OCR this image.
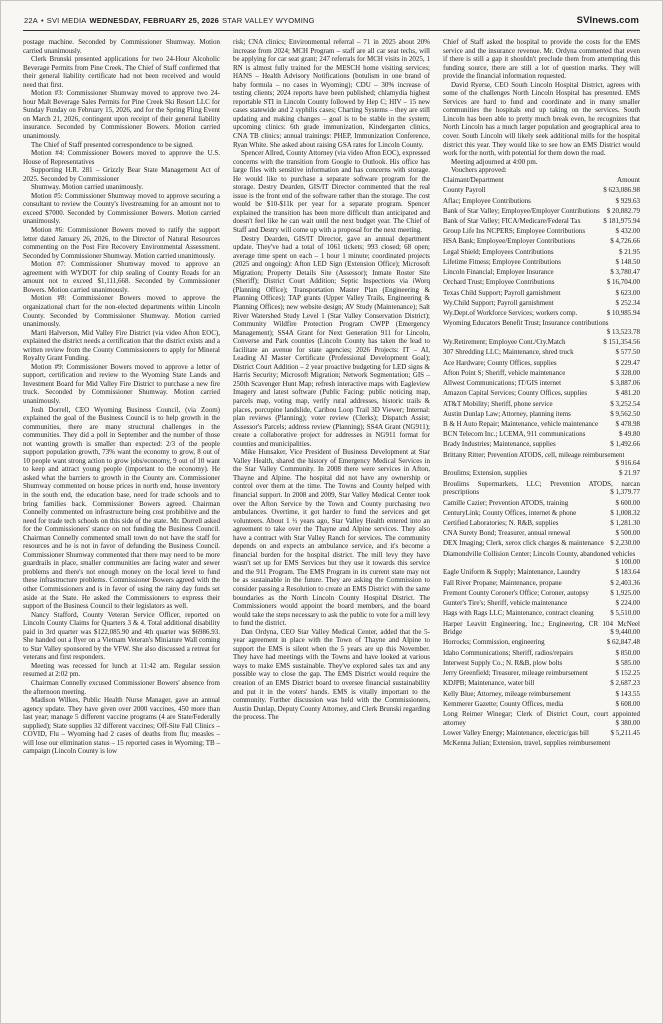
22A • SVI MEDIA WEDNESDAY, FEBRUARY 25, 2026 STAR VALLEY WYOMING	SVInews.com

postage machine. Seconded by Commissioner Shumway. Motion carried unanimously.

Clerk Brunski presented applications for two 24-Hour Alcoholic Beverage Permits from Pine Creek. The Chief of Staff confirmed that their general liability certificate had not been received and would need that first.

Motion #3: Commissioner Shumway moved to approve two 24-hour Malt Beverage Sales Permits for Pine Creek Ski Resort LLC for Sunday Funday on February 15, 2026, and for the Spring Fling Event on March 21, 2026, contingent upon receipt of their general liability insurance. Seconded by Commissioner Bowers. Motion carried unanimously.

The Chief of Staff presented correspondence to be signed.

Motion #4: Commissioner Bowers moved to approve the U.S. House of Representatives

Supporting H.R. 281 – Grizzly Bear State Management Act of 2025. Seconded by Commissioner

Shumway. Motion carried unanimously.

Motion #5: Commissioner Shumway moved to approve securing a consultant to review the County's livestreaming for an amount not to exceed $7000. Seconded by Commissioner Bowers. Motion carried unanimously.

Motion #6: Commissioner Bowers moved to ratify the support letter dated January 26, 2026, to the Director of Natural Resources commenting on the Post Fire Recovery Environmental Assessment. Seconded by Commissioner Shumway. Motion carried unanimously.

Motion #7: Commissioner Shumway moved to approve an agreement with WYDOT for chip sealing of County Roads for an amount not to exceed $1,111,668. Seconded by Commissioner Bowers. Motion carried unanimously.

Motion #8: Commissioner Bowers moved to approve the organizational chart for the non-elected departments within Lincoln County. Seconded by Commissioner Shumway. Motion carried unanimously.

Marti Halverson, Mid Valley Fire District (via video Afton EOC), explained the district needs a certification that the district exists and a written review from the County Commissioners to apply for Mineral Royalty Grant Funding.

Motion #9: Commissioner Bowers moved to approve a letter of support, certification and review to the Wyoming State Lands and Investment Board for Mid Valley Fire District to purchase a new fire truck. Seconded by Commissioner Shumway. Motion carried unanimously.

Josh Dorrell, CEO Wyoming Business Council, (via Zoom) explained the goal of the Business Council is to help growth in the communities, there are many structural challenges in the communities. They did a poll in September and the number of those not wanting growth is smaller than expected: 2/3 of the people support population growth, 73% want the economy to grow, 8 out of 10 people want strong action to grow jobs/economy, 9 out of 10 want to keep and attract young people (important to the economy). He asked what the barriers to growth in the County are. Commissioner Shumway commented on house prices in north end, house inventory in the south end, the education base, need for trade schools and to bring families back. Commissioner Bowers agreed. Chairman Connelly commented on infrastructure being cost prohibitive and the need for trade tech schools on this side of the state. Mr. Dorrell asked for the Commissioners' stance on not funding the Business Council. Chairman Connelly commented small town do not have the staff for resources and he is not in favor of defunding the Business Council. Commissioner Shumway commented that there may need to be more guardrails in place, smaller communities are facing water and sewer problems and there's not enough money on the local level to fund these infrastructure problems. Commissioner Bowers agreed with the other Commissioners and is in favor of using the rainy day funds set aside at the State. He asked the Commissioners to express their support of the Business Council to their legislators as well.

Nancy Stafford, County Veteran Service Officer, reported on Lincoln County Claims for Quarters 3 & 4. Total additional disability paid in 3rd quarter was $122,085.90 and 4th quarter was $6986.93. She handed out a flyer on a Vietnam Veteran's Miniature Wall coming to Star Valley sponsored by the VFW. She also discussed a retreat for veterans and first responders.

Meeting was recessed for lunch at 11:42 am. Regular session resumed at 2:02 pm.

Chairman Connelly excused Commissioner Bowers' absence from the afternoon meeting.

Madison Wilkes, Public Health Nurse Manager, gave an annual agency update. They have given over 2000 vaccines, 450 more than last year; manage 5 different vaccine programs (4 are State/Federally supplied); State supplies 32 different vaccines; Off-Site Fall Clinics – COVID, Flu – Wyoming had 2 cases of deaths from flu; measles – will lose our elimination status – 15 reported cases in Wyoming; TB – campaign (Lincoln County is low

risk; CNA clinics; Environmental referral – 71 in 2025 about 20% increase from 2024; MCH Program – staff are all car seat techs, will be applying for car seat grant; 247 referrals for MCH visits in 2025, 1 RN is almost fully trained for the MESCH home visiting services; HANS – Health Advisory Notifications (botulism in one brand of baby formula – no cases in Wyoming); CDU – 30% increase of testing clients; 2024 reports have been published; chlamydia highest reportable STI in Lincoln County followed by Hep C; HIV – 15 new cases statewide and 2 syphilis cases; Charting Systems – they are still updating and making changes – goal is to be stable in the system; upcoming clinics: 6th grade immunization, Kindergarten clinics, CNA TB clinics; annual trainings: PHEP, Immunization Conference, Ryan White. She asked about raising GSA rates for Lincoln County.

Spencer Allred, County Attorney (via video Afton EOC), expressed concerns with the transition from Google to Outlook. His office has large files with sensitive information and has concerns with storage. He would like to purchase a separate software program for the storage. Destry Dearden, GIS/IT Director commented that the real issue is the front end of the software rather than the storage. The cost would be $10-$11k per year for a separate program. Spencer explained the transition has been more difficult than anticipated and doesn't feel like he can wait until the next budget year. The Chief of Staff and Destry will come up with a proposal for the next meeting.

Destry Dearden, GIS/IT Director, gave an annual department update. They've had a total of 1061 tickets; 993 closed; 68 open; average time spent on each – 1 hour 1 minute; coordinated projects (2025 and ongoing): Afton LED Sign (Extension Office); Microsoft Migration; Property Details Site (Assessor); Inmate Roster Site (Sheriff); District Court Addition; Septic Inspections via iWorq (Planning Office); Transportation Master Plan (Engineering & Planning Offices); TAP grants (Upper Valley Trails, Engineering & Planning Offices); new website design; AV Study (Maintenance); Salt River Watershed Study Level 1 (Star Valley Conservation District); Community Wildfire Protection Program CWPP (Emergency Management); SS4A Grant for Next Generation 911 for Lincoln, Converse and Park counties (Lincoln County has taken the lead to facilitate an avenue for state agencies; 2026 Projects: IT – AI, Leading AI Master Certificate (Professional Development Goal); District Court Addition – 2 year proactive budgeting for LED signs & Harris Security; Microsoft Migration; Network Segmentation; GIS – 250th Scavenger Hunt Map; refresh interactive maps with Eagleview Imagery and latest software (Public Facing: public noticing map, parcels map, voting map, verify rural addresses, historic trails & places, porcupine landslide, Caribou Loop Trail 3D Viewer; Internal: plan reviews (Planning); voter review (Clerks); Dispatch Assist; Assessor's Parcels; address review (Planning); SS4A Grant (NG911); create a collaborative project for addresses in NG911 format for counties and municipalities.

Mike Hunsaker, Vice President of Business Development at Star Valley Health, shared the history of Emergency Medical Services in the Star Valley Community. In 2008 there were services in Afton, Thayne and Alpine. The hospital did not have any ownership or control over them at the time. The Towns and County helped with financial support. In 2008 and 2009, Star Valley Medical Center took over the Afton Service by the Town and County purchasing two ambulances. Overtime, it got harder to fund the services and get volunteers. About 1 ½ years ago, Star Valley Health entered into an agreement to take over the Thayne and Alpine services. They also have a contract with Star Valley Ranch for services. The community depends on and expects an ambulance service, and it's become a financial burden for the hospital district. The mill levy they have wasn't set up for EMS Services but they use it towards this service and the 911 Program. The EMS Program in its current state may not be as sustainable in the future. They are asking the Commission to consider passing a Resolution to create an EMS District with the same boundaries as the North Lincoln County Hospital District. The Commissioners would appoint the board members, and the board would take the steps necessary to ask the public to vote for a mill levy to fund the district.

Dan Ordyna, CEO Star Valley Medical Center, added that the 5-year agreement in place with the Town of Thayne and Alpine to support the EMS is silent when the 5 years are up this November. They have had meetings with the Towns and have looked at various ways to make EMS sustainable. They've explored sales tax and any possible way to close the gap. The EMS District would require the creation of an EMS District board to oversee financial sustainability and put it in the voters' hands. EMS is vitally important to the community. Further discussion was held with the Commissioners, Austin Dunlap, Deputy County Attorney, and Clerk Brunski regarding the process. The

Chief of Staff asked the hospital to provide the costs for the EMS service and the insurance revenue. Mr. Ordyna commented that even if there is still a gap it shouldn't preclude them from attempting this funding source, there are still a lot of question marks. They will provide the financial information requested.

David Ryerse, CEO South Lincoln Hospital District, agrees with some of the challenges North Lincoln Hospital has presented. EMS Services are hard to fund and coordinate and in many smaller communities the hospitals end up taking on the services. South Lincoln has been able to pretty much break even, he recognizes that North Lincoln has a much larger population and geographical area to cover. South Lincoln will likely seek additional mills for the hospital district this year. They would like to see how an EMS District would work for the north, with potential for them down the road.

Meeting adjourned at 4:00 pm.

Vouchers approved:

Claimant/Department	Amount
County Payroll	$ 623,086.98
Aflac; Employee Contributions	$ 929.63
Bank of Star Valley; Employee/Employer Contributions $ 20,882.79
Bank of Star Valley; FICA/Medicare/Federal Tax	$ 181,975.94
Group Life Ins NCPERS; Employee Contributions	$ 432.00
HSA Bank; Employee/Employer Contributions	$ 4,726.66
Legal Shield; Employees Contributions	$ 21.95
Lifetime Fitness; Employee Contributions	$ 148.50
Lincoln Financial; Employee Insurance	$ 3,780.47
Orchard Trust; Employee Contributions	$ 16,704.00
Texas Child Support; Payroll garnishment	$ 623.00
Wy.Child Support; Payroll garnishment	$ 252.34
Wy.Dept.of Workforce Services; workers comp.	$ 10,985.94
Wyoming Educators Benefit Trust; Insurance contributions
$ 13,523.78
Wy.Retirement; Employee Cont./Cty.Match	$ 151,354.56
307 Shredding LLC; Maintenance, shred truck	$ 577.50
Ace Hardware; County Offices, supplies	$ 229.47
Afton Point S; Sheriff, vehicle maintenance	$ 328.00
Allwest Communications; IT/GIS internet	$ 3,887.06
Amazon Capital Services; County Offices, supplies	$ 481.20
AT&T Mobility; Sheriff, phone service	$ 3,252.54
Austin Dunlap Law; Attorney, planning items	$ 9,562.50
B & H Auto Repair; Maintenance, vehicle maintenance	$ 478.98
BCN Telecom Inc.; LCEMA, 911 communications	$ 49.80
Brady Industries; Maintenance, supplies	$ 1,492.66
Brittany Ritter; Prevention ATODS, cell, mileage reimbursement
$ 916.64
Broulims; Extension, supplies	$ 21.97
Broulims Supermarkets, LLC; Prevention ATODS, narcan prescriptions	$ 1,379.77
Camille Cazier; Prevention ATODS, training	$ 600.00
CenturyLink; County Offices, internet & phone	$ 1,008.32
Certified Laboratories; N. R&B, supplies	$ 1,281.30
CNA Surety Bond; Treasurer, annual renewal	$ 500.00
DEX Imaging; Clerk, xerox click charges & maintenance $ 2,230.00
Diamondville Collision Center; Lincoln County, abandoned vehicles
$ 100.00
Eagle Uniform & Supply; Maintenance, Laundry	$ 183.64
Fall River Propane; Maintenance, propane	$ 2,403.36
Fremont County Coroner's Office; Coroner, autopsy	$ 1,925.00
Gunter's Tire's; Sheriff, vehicle maintenance	$ 224.00
Hags with Rags LLC; Maintenance, contract cleaning	$ 5,510.00
Harper Leavitt Engineering, Inc.; Engineering, CR 104 McNeel Bridge	$ 9,440.00
Horrocks; Commission, engineering	$ 62,847.48
Idaho Communications; Sheriff, radios/repairs	$ 850.00
Interwest Supply Co.; N. R&B, plow bolts	$ 585.00
Jerry Greenfield; Treasurer, mileage reimbursement	$ 152.25
KDJPB; Maintenance, water bill	$ 2,687.23
Kelly Blue; Attorney, mileage reimbursement	$ 143.55
Kemmerer Gazette; County Offices, media	$ 608.00
Long Reimer Winegar; Clerk of District Court, court appointed attorney	$ 380.00
Lower Valley Energy; Maintenance, electric/gas bill	$ 5,211.45
McKenna Julian; Extension, travel, supplies reimbursement
